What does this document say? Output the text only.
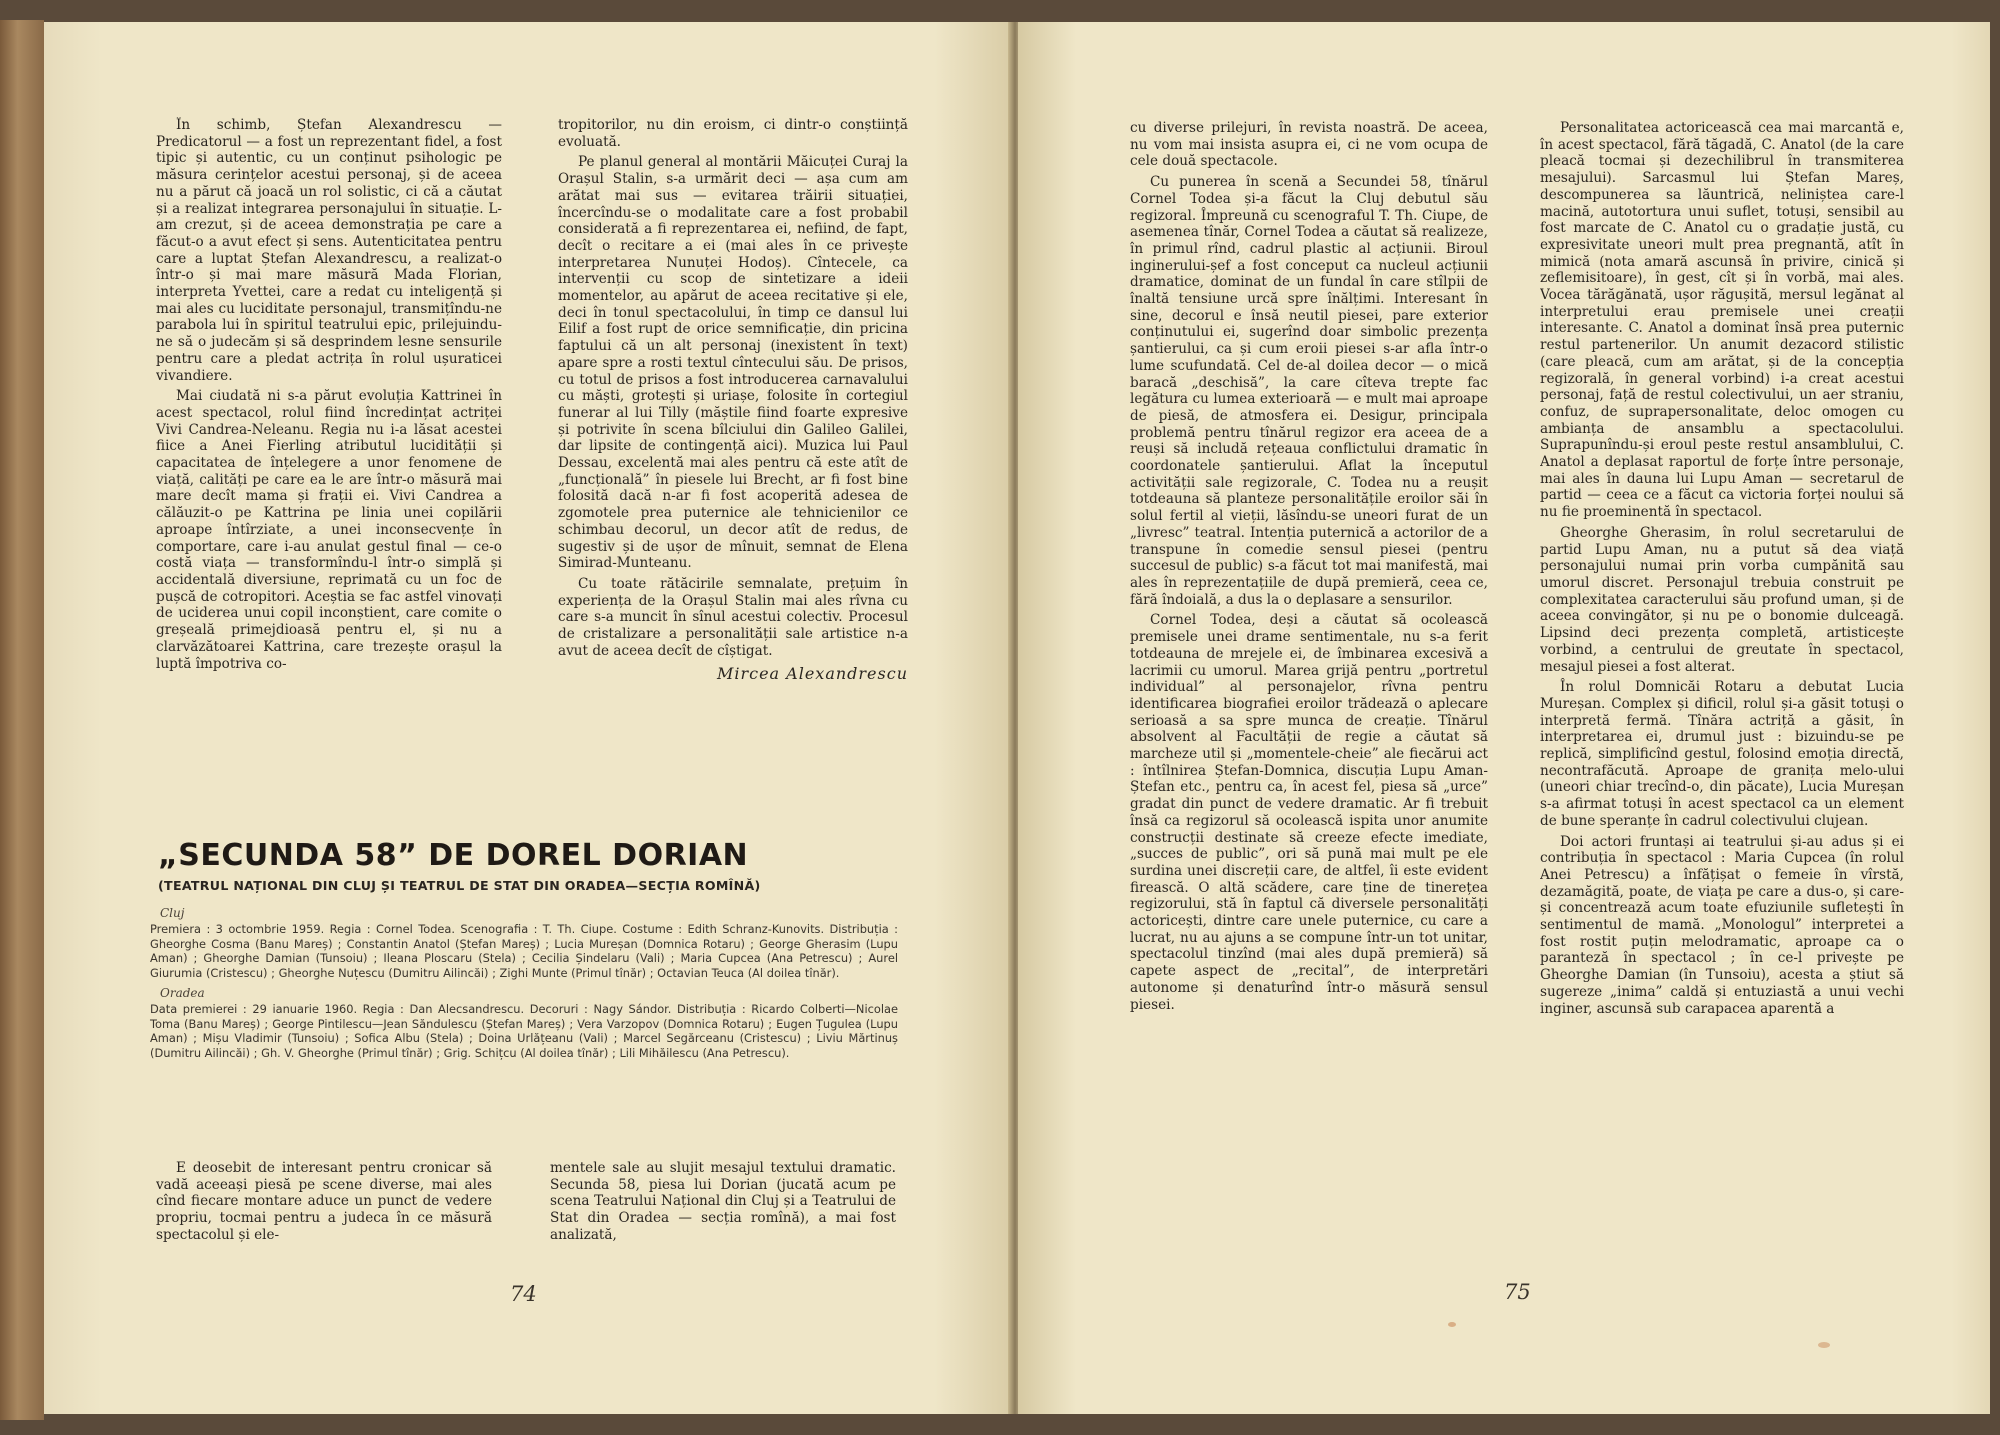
În schimb, Ștefan Alexandrescu — Predicatorul — a fost un reprezentant fidel, a fost tipic și autentic, cu un conținut psihologic pe măsura cerințelor acestui personaj, și de aceea nu a părut că joacă un rol solistic, ci că a căutat și a realizat integrarea personajului în situație. L-am crezut, și de aceea demonstrația pe care a făcut-o a avut efect și sens. Autenticitatea pentru care a luptat Ștefan Alexandrescu, a realizat-o într-o și mai mare măsură Mada Florian, interpreta Yvettei, care a redat cu inteligență și mai ales cu luciditate personajul, transmițîndu-ne parabola lui în spiritul teatrului epic, prilejuindu-ne să o judecăm și să desprindem lesne sensurile pentru care a pledat actrița în rolul ușuraticei vivandiere.

Mai ciudată ni s-a părut evoluția Kattrinei în acest spectacol, rolul fiind încredințat actriței Vivi Candrea-Neleanu. Regia nu i-a lăsat acestei fiice a Anei Fierling atributul lucidității și capacitatea de înțelegere a unor fenomene de viață, calități pe care ea le are într-o măsură mai mare decît mama și frații ei. Vivi Candrea a călăuzit-o pe Kattrina pe linia unei copilării aproape întîrziate, a unei inconsecvențe în comportare, care i-au anulat gestul final — ce-o costă viața — transformîndu-l într-o simplă și accidentală diversiune, reprimată cu un foc de pușcă de cotropitori. Aceștia se fac astfel vinovați de uciderea unui copil inconștient, care comite o greșeală primejdioasă pentru el, și nu a clarvăzătoarei Kattrina, care trezește orașul la luptă împotriva co-

tropitorilor, nu din eroism, ci dintr-o conștiință evoluată.

Pe planul general al montării Măicuței Curaj la Orașul Stalin, s-a urmărit deci — așa cum am arătat mai sus — evitarea trăirii situației, încercîndu-se o modalitate care a fost probabil considerată a fi reprezentarea ei, nefiind, de fapt, decît o recitare a ei (mai ales în ce privește interpretarea Nunuței Hodoș). Cîntecele, ca intervenții cu scop de sintetizare a ideii momentelor, au apărut de aceea recitative și ele, deci în tonul spectacolului, în timp ce dansul lui Eilif a fost rupt de orice semnificație, din pricina faptului că un alt personaj (inexistent în text) apare spre a rosti textul cîntecului său. De prisos, cu totul de prisos a fost introducerea carnavalului cu măști, grotești și uriașe, folosite în cortegiul funerar al lui Tilly (măștile fiind foarte expresive și potrivite în scena bîlciului din Galileo Galilei, dar lipsite de contingență aici). Muzica lui Paul Dessau, excelentă mai ales pentru că este atît de „funcțională” în piesele lui Brecht, ar fi fost bine folosită dacă n-ar fi fost acoperită adesea de zgomotele prea puternice ale tehnicienilor ce schimbau decorul, un decor atît de redus, de sugestiv și de ușor de mînuit, semnat de Elena Simirad-Munteanu.

Cu toate rătăcirile semnalate, prețuim în experiența de la Orașul Stalin mai ales rîvna cu care s-a muncit în sînul acestui colectiv. Procesul de cristalizare a personalității sale artistice n-a avut de aceea decît de cîștigat.

Mircea Alexandrescu
74
„SECUNDA 58” DE DOREL DORIAN
(TEATRUL NAȚIONAL DIN CLUJ ȘI TEATRUL DE STAT DIN ORADEA—SECȚIA ROMÎNĂ)
Cluj
Premiera : 3 octombrie 1959. Regia : Cornel Todea. Scenografia : T. Th. Ciupe. Costume : Edith Schranz-Kunovits. Distribuția : Gheorghe Cosma (Banu Mareș) ; Constantin Anatol (Ștefan Mareș) ; Lucia Mureșan (Domnica Rotaru) ; George Gherasim (Lupu Aman) ; Gheorghe Damian (Tunsoiu) ; Ileana Ploscaru (Stela) ; Cecilia Șindelaru (Vali) ; Maria Cupcea (Ana Petrescu) ; Aurel Giurumia (Cristescu) ; Gheorghe Nuțescu (Dumitru Ailincăi) ; Zighi Munte (Primul tînăr) ; Octavian Teuca (Al doilea tînăr).
Oradea
Data premierei : 29 ianuarie 1960. Regia : Dan Alecsandrescu. Decoruri : Nagy Sándor. Distribuția : Ricardo Colberti—Nicolae Toma (Banu Mareș) ; George Pintilescu—Jean Săndulescu (Ștefan Mareș) ; Vera Varzopov (Domnica Rotaru) ; Eugen Țugulea (Lupu Aman) ; Mișu Vladimir (Tunsoiu) ; Sofica Albu (Stela) ; Doina Urlățeanu (Vali) ; Marcel Segărceanu (Cristescu) ; Liviu Mărtinuș (Dumitru Ailincăi) ; Gh. V. Gheorghe (Primul tînăr) ; Grig. Schițcu (Al doilea tînăr) ; Lili Mihăilescu (Ana Petrescu).

E deosebit de interesant pentru cronicar să vadă aceeași piesă pe scene diverse, mai ales cînd fiecare montare aduce un punct de vedere propriu, tocmai pentru a judeca în ce măsură spectacolul și ele-

mentele sale au slujit mesajul textului dramatic. Secunda 58, piesa lui Dorian (jucată acum pe scena Teatrului Național din Cluj și a Teatrului de Stat din Oradea — secția romînă), a mai fost analizată,

cu diverse prilejuri, în revista noastră. De aceea, nu vom mai insista asupra ei, ci ne vom ocupa de cele două spectacole.

Cu punerea în scenă a Secundei 58, tînărul Cornel Todea și-a făcut la Cluj debutul său regizoral. Împreună cu scenograful T. Th. Ciupe, de asemenea tînăr, Cornel Todea a căutat să realizeze, în primul rînd, cadrul plastic al acțiunii. Biroul inginerului-șef a fost conceput ca nucleul acțiunii dramatice, dominat de un fundal în care stîlpii de înaltă tensiune urcă spre înălțimi. Interesant în sine, decorul e însă neutil piesei, pare exterior conținutului ei, sugerînd doar simbolic prezența șantierului, ca și cum eroii piesei s-ar afla într-o lume scufundată. Cel de-al doilea decor — o mică baracă „deschisă”, la care cîteva trepte fac legătura cu lumea exterioară — e mult mai aproape de piesă, de atmosfera ei. Desigur, principala problemă pentru tînărul regizor era aceea de a reuși să includă rețeaua conflictului dramatic în coordonatele șantierului. Aflat la începutul activității sale regizorale, C. Todea nu a reușit totdeauna să planteze personalitățile eroilor săi în solul fertil al vieții, lăsîndu-se uneori furat de un „livresc” teatral. Intenția puternică a actorilor de a transpune în comedie sensul piesei (pentru succesul de public) s-a făcut tot mai manifestă, mai ales în reprezentațiile de după premieră, ceea ce, fără îndoială, a dus la o deplasare a sensurilor.

Cornel Todea, deși a căutat să ocolească premisele unei drame sentimentale, nu s-a ferit totdeauna de mrejele ei, de îmbinarea excesivă a lacrimii cu umorul. Marea grijă pentru „portretul individual” al personajelor, rîvna pentru identificarea biografiei eroilor trădează o aplecare serioasă a sa spre munca de creație. Tînărul absolvent al Facultății de regie a căutat să marcheze util și „momentele-cheie” ale fiecărui act : întîlnirea Ștefan-Domnica, discuția Lupu Aman-Ștefan etc., pentru ca, în acest fel, piesa să „urce” gradat din punct de vedere dramatic. Ar fi trebuit însă ca regizorul să ocolească ispita unor anumite construcții destinate să creeze efecte imediate, „succes de public”, ori să pună mai mult pe ele surdina unei discreții care, de altfel, îi este evident firească. O altă scădere, care ține de tinerețea regizorului, stă în faptul că diversele personalități actoricești, dintre care unele puternice, cu care a lucrat, nu au ajuns a se compune într-un tot unitar, spectacolul tinzînd (mai ales după premieră) să capete aspect de „recital”, de interpretări autonome și denaturînd într-o măsură sensul piesei.

Personalitatea actoricească cea mai marcantă e, în acest spectacol, fără tăgadă, C. Anatol (de la care pleacă tocmai și dezechilibrul în transmiterea mesajului). Sarcasmul lui Ștefan Mareș, descompunerea sa lăuntrică, neliniștea care-l macină, autotortura unui suflet, totuși, sensibil au fost marcate de C. Anatol cu o gradație justă, cu expresivitate uneori mult prea pregnantă, atît în mimică (nota amară ascunsă în privire, cinică și zeflemisitoare), în gest, cît și în vorbă, mai ales. Vocea tărăgănată, ușor răgușită, mersul legănat al interpretului erau premisele unei creații interesante. C. Anatol a dominat însă prea puternic restul partenerilor. Un anumit dezacord stilistic (care pleacă, cum am arătat, și de la concepția regizorală, în general vorbind) i-a creat acestui personaj, față de restul colectivului, un aer straniu, confuz, de suprapersonalitate, deloc omogen cu ambianța de ansamblu a spectacolului. Suprapunîndu-și eroul peste restul ansamblului, C. Anatol a deplasat raportul de forțe între personaje, mai ales în dauna lui Lupu Aman — secretarul de partid — ceea ce a făcut ca victoria forței noului să nu fie proeminentă în spectacol.

Gheorghe Gherasim, în rolul secretarului de partid Lupu Aman, nu a putut să dea viață personajului numai prin vorba cumpănită sau umorul discret. Personajul trebuia construit pe complexitatea caracterului său profund uman, și de aceea convingător, și nu pe o bonomie dulceagă. Lipsind deci prezența completă, artisticește vorbind, a centrului de greutate în spectacol, mesajul piesei a fost alterat.

În rolul Domnicăi Rotaru a debutat Lucia Mureșan. Complex și dificil, rolul și-a găsit totuși o interpretă fermă. Tînăra actriță a găsit, în interpretarea ei, drumul just : bizuindu-se pe replică, simplificînd gestul, folosind emoția directă, necontrafăcută. Aproape de granița melo-ului (uneori chiar trecînd-o, din păcate), Lucia Mureșan s-a afirmat totuși în acest spectacol ca un element de bune speranțe în cadrul colectivului clujean.

Doi actori fruntași ai teatrului și-au adus și ei contribuția în spectacol : Maria Cupcea (în rolul Anei Petrescu) a înfățișat o femeie în vîrstă, dezamăgită, poate, de viața pe care a dus-o, și care-și concentrează acum toate efuziunile sufletești în sentimentul de mamă. „Monologul” interpretei a fost rostit puțin melodramatic, aproape ca o paranteză în spectacol ; în ce-l privește pe Gheorghe Damian (în Tunsoiu), acesta a știut să sugereze „inima” caldă și entuziastă a unui vechi inginer, ascunsă sub carapacea aparentă a

75
